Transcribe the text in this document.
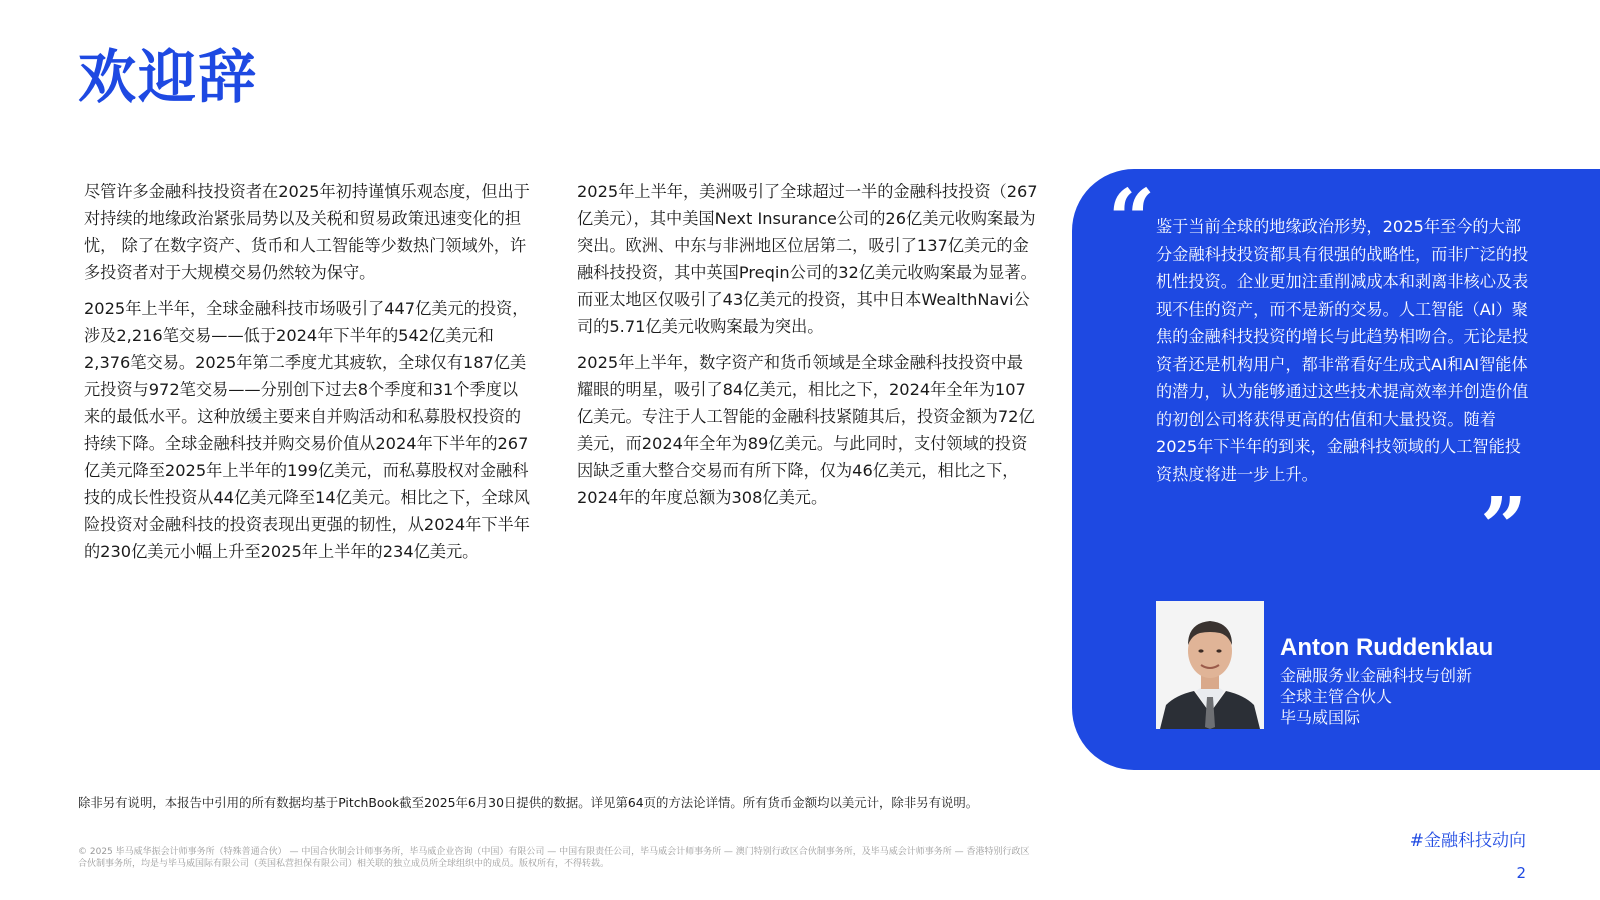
欢迎辞

尽管许多金融科技投资者在2025年初持谨慎乐观态度，但出于对持续的地缘政治紧张局势以及关税和贸易政策迅速变化的担忧， 除了在数字资产、货币和人工智能等少数热门领域外，许多投资者对于大规模交易仍然较为保守。

2025年上半年，全球金融科技市场吸引了447亿美元的投资，涉及2,216笔交易——低于2024年下半年的542亿美元和2,376笔交易。2025年第二季度尤其疲软，全球仅有187亿美元投资与972笔交易——分别创下过去8个季度和31个季度以来的最低水平。这种放缓主要来自并购活动和私募股权投资的持续下降。全球金融科技并购交易价值从2024年下半年的267亿美元降至2025年上半年的199亿美元，而私募股权对金融科技的成长性投资从44亿美元降至14亿美元。相比之下，全球风险投资对金融科技的投资表现出更强的韧性，从2024年下半年的230亿美元小幅上升至2025年上半年的234亿美元。

2025年上半年，美洲吸引了全球超过一半的金融科技投资（267亿美元），其中美国Next Insurance公司的26亿美元收购案最为突出。欧洲、中东与非洲地区位居第二，吸引了137亿美元的金融科技投资，其中英国Preqin公司的32亿美元收购案最为显著。而亚太地区仅吸引了43亿美元的投资，其中日本WealthNavi公司的5.71亿美元收购案最为突出。

2025年上半年，数字资产和货币领域是全球金融科技投资中最耀眼的明星，吸引了84亿美元，相比之下，2024年全年为107亿美元。专注于人工智能的金融科技紧随其后，投资金额为72亿美元，而2024年全年为89亿美元。与此同时，支付领域的投资因缺乏重大整合交易而有所下降，仅为46亿美元，相比之下，2024年的年度总额为308亿美元。

“ 鉴于当前全球的地缘政治形势，2025年至今的大部分金融科技投资都具有很强的战略性，而非广泛的投机性投资。企业更加注重削减成本和剥离非核心及表现不佳的资产，而不是新的交易。人工智能（AI）聚焦的金融科技投资的增长与此趋势相吻合。无论是投资者还是机构用户，都非常看好生成式AI和AI智能体的潜力，认为能够通过这些技术提高效率并创造价值的初创公司将获得更高的估值和大量投资。随着2025年下半年的到来，金融科技领域的人工智能投资热度将进一步上升。

”
Anton Ruddenklau
金融服务业金融科技与创新
全球主管合伙人
毕马威国际

除非另有说明，本报告中引用的所有数据均基于PitchBook截至2025年6月30日提供的数据。详见第64页的方法论详情。所有货币金额均以美元计，除非另有说明。

© 2025 毕马威华振会计师事务所（特殊普通合伙） — 中国合伙制会计师事务所，毕马威企业咨询（中国）有限公司 — 中国有限责任公司，毕马威会计师事务所 — 澳门特别行政区合伙制事务所，及毕马威会计师事务所 — 香港特别行政区合伙制事务所，均是与毕马威国际有限公司（英国私营担保有限公司）相关联的独立成员所全球组织中的成员。版权所有，不得转载。

#金融科技动向
2
